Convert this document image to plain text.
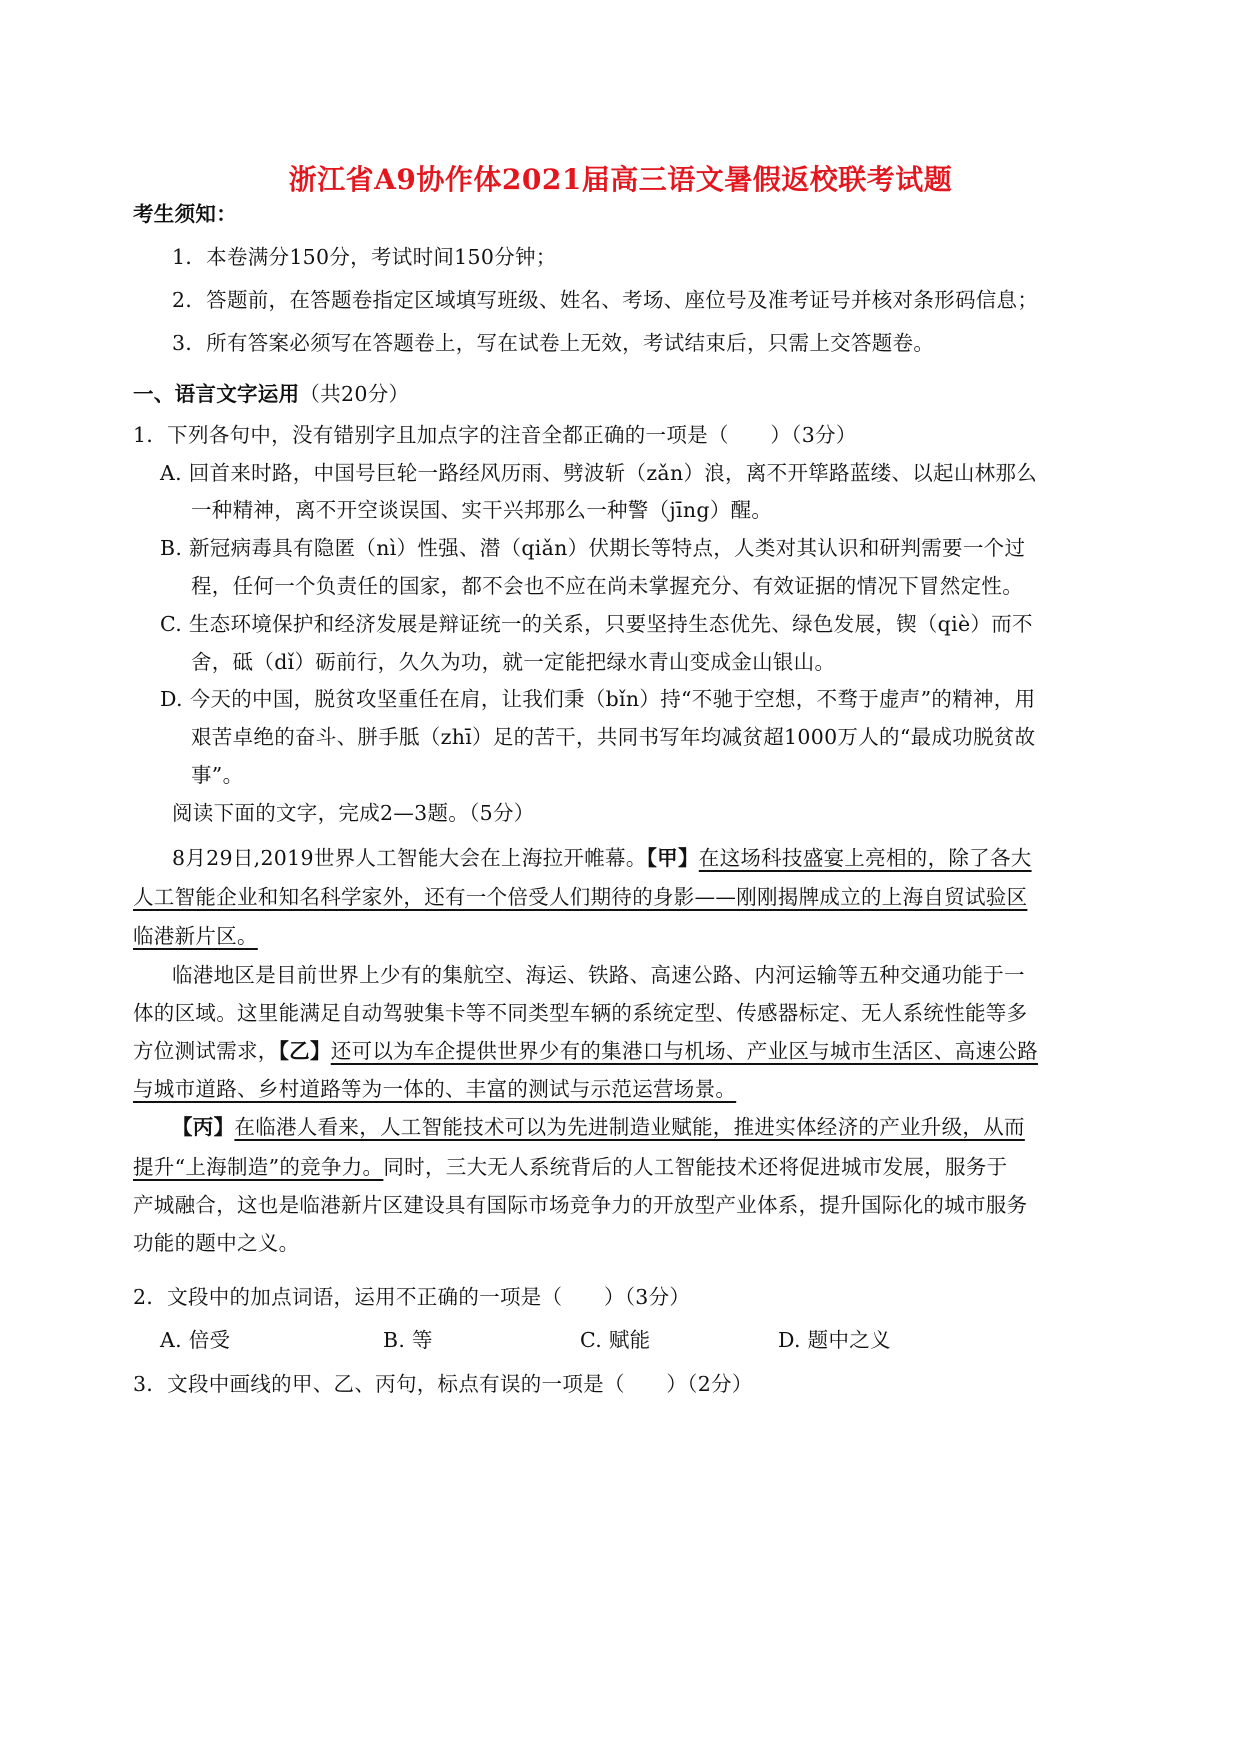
浙江省A9协作体2021届高三语文暑假返校联考试题
考生须知：
1．本卷满分150分，考试时间150分钟；
2．答题前，在答题卷指定区域填写班级、姓名、考场、座位号及准考证号并核对条形码信息；
3．所有答案必须写在答题卷上，写在试卷上无效，考试结束后，只需上交答题卷。
一、语言文字运用（共20分）
1．下列各句中，没有错别字且加点字的注音全都正确的一项是（　　）（3分）
A. 回首来时路，中国号巨轮一路经风历雨、劈波斩（zǎn）浪，离不开筚路蓝缕、以起山林那么
一种精神，离不开空谈误国、实干兴邦那么一种警（jīng）醒。
B. 新冠病毒具有隐匿（nì）性强、潜（qiǎn）伏期长等特点，人类对其认识和研判需要一个过
程，任何一个负责任的国家，都不会也不应在尚未掌握充分、有效证据的情况下冒然定性。
C. 生态环境保护和经济发展是辩证统一的关系，只要坚持生态优先、绿色发展，锲（qiè）而不
舍，砥（dǐ）砺前行，久久为功，就一定能把绿水青山变成金山银山。
D. 今天的中国，脱贫攻坚重任在肩，让我们秉（bǐn）持“不驰于空想，不骛于虚声”的精神，用
艰苦卓绝的奋斗、胼手胝（zhī）足的苦干，共同书写年均减贫超1000万人的“最成功脱贫故
事”。
阅读下面的文字，完成2—3题。（5分）
8月29日,2019世界人工智能大会在上海拉开帷幕。【甲】在这场科技盛宴上亮相的，除了各大
人工智能企业和知名科学家外，还有一个倍受人们期待的身影——刚刚揭牌成立的上海自贸试验区
临港新片区。
临港地区是目前世界上少有的集航空、海运、铁路、高速公路、内河运输等五种交通功能于一
体的区域。这里能满足自动驾驶集卡等不同类型车辆的系统定型、传感器标定、无人系统性能等多
方位测试需求，【乙】还可以为车企提供世界少有的集港口与机场、产业区与城市生活区、高速公路
与城市道路、乡村道路等为一体的、丰富的测试与示范运营场景。
【丙】在临港人看来，人工智能技术可以为先进制造业赋能，推进实体经济的产业升级，从而
提升“上海制造”的竞争力。同时，三大无人系统背后的人工智能技术还将促进城市发展，服务于
产城融合，这也是临港新片区建设具有国际市场竞争力的开放型产业体系，提升国际化的城市服务
功能的题中之义。
2．文段中的加点词语，运用不正确的一项是（　　）（3分）
A. 倍受	B. 等	C. 赋能	D. 题中之义
3．文段中画线的甲、乙、丙句，标点有误的一项是（　　）（2分）
